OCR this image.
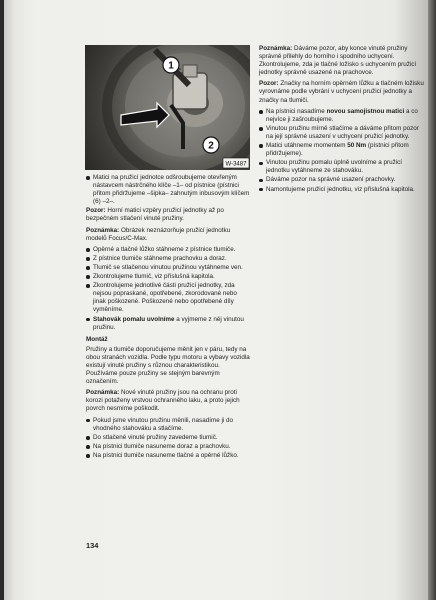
1
2
W-3487
Matici na pružicí jednotce odšroubujeme otevřeným nástavcem nástrčného klíče –1– od pístnice (pístnici přitom přidržujeme –šipka– zahnutým inbusovým klíčem (6) –2–.

Pozor: Horní matici vzpěry pružicí jednotky až po bezpečném stlačení vinuté pružiny.

Poznámka: Obrázek neznázorňuje pružicí jednotku modelů Focus/C-Max.

Opěrné a tlačné lůžko stáhneme z pístnice tlumiče.
Z pístnice tlumiče stáhneme prachovku a doraz.
Tlumič se stlačenou vinutou pružinou vytáhneme ven.
Zkontrolujeme tlumič, viz příslušná kapitola.
Zkontrolujeme jednotlivé části pružicí jednotky, zda nejsou popraskané, opotřebené, zkorodované nebo jinak poškozené. Poškozené nebo opotřebené díly vyměníme.
Stahovák pomalu uvolníme a vyjmeme z něj vinutou pružinu.
Montáž

Pružiny a tlumiče doporučujeme měnit jen v páru, tedy na obou stranách vozidla. Podle typu motoru a vybavy vozidla existují vinuté pružiny s různou charakteristikou. Používáme pouze pružiny se stejným barevným označením.

Poznámka: Nové vinuté pružiny jsou na ochranu proti korozi potaženy vrstvou ochranného laku, a proto jejich povrch nesmíme poškodit.

Pokud jsme vinutou pružinu měnili, nasadíme ji do vhodného stahováku a stlačíme.
Do stlačené vinuté pružiny zavedeme tlumič.
Na pístnici tlumiče nasuneme doraz a prachovku.
Na pístnici tlumiče nasuneme tlačné a opěrné lůžko.

Poznámka: Dáváme pozor, aby konce vinuté pružiny správně přilehly do horního i spodního uchycení. Zkontrolujeme, zda je tlačné ložisko s uchycením pružicí jednotky správně usazené na prachovce.

Pozor: Značky na horním opěrném lůžku a tlačném ložisku vyrovnáme podle vybrání v uchycení pružicí jednotky a značky na tlumiči.

Na pístnici nasadíme novou samojistnou matici a co nejvíce ji zašroubujeme.
Vinutou pružinu mírně stlačíme a dáváme přitom pozor na její správné usazení v uchycení pružicí jednotky.
Matici utáhneme momentem 50 Nm (pístnici přitom přidržujeme).
Vinutou pružinu pomalu úplně uvolníme a pružicí jednotku vytáhneme ze stahováku.
Dáváme pozor na správné usazení prachovky.
Namontujeme pružicí jednotku, viz příslušná kapitola.
134
